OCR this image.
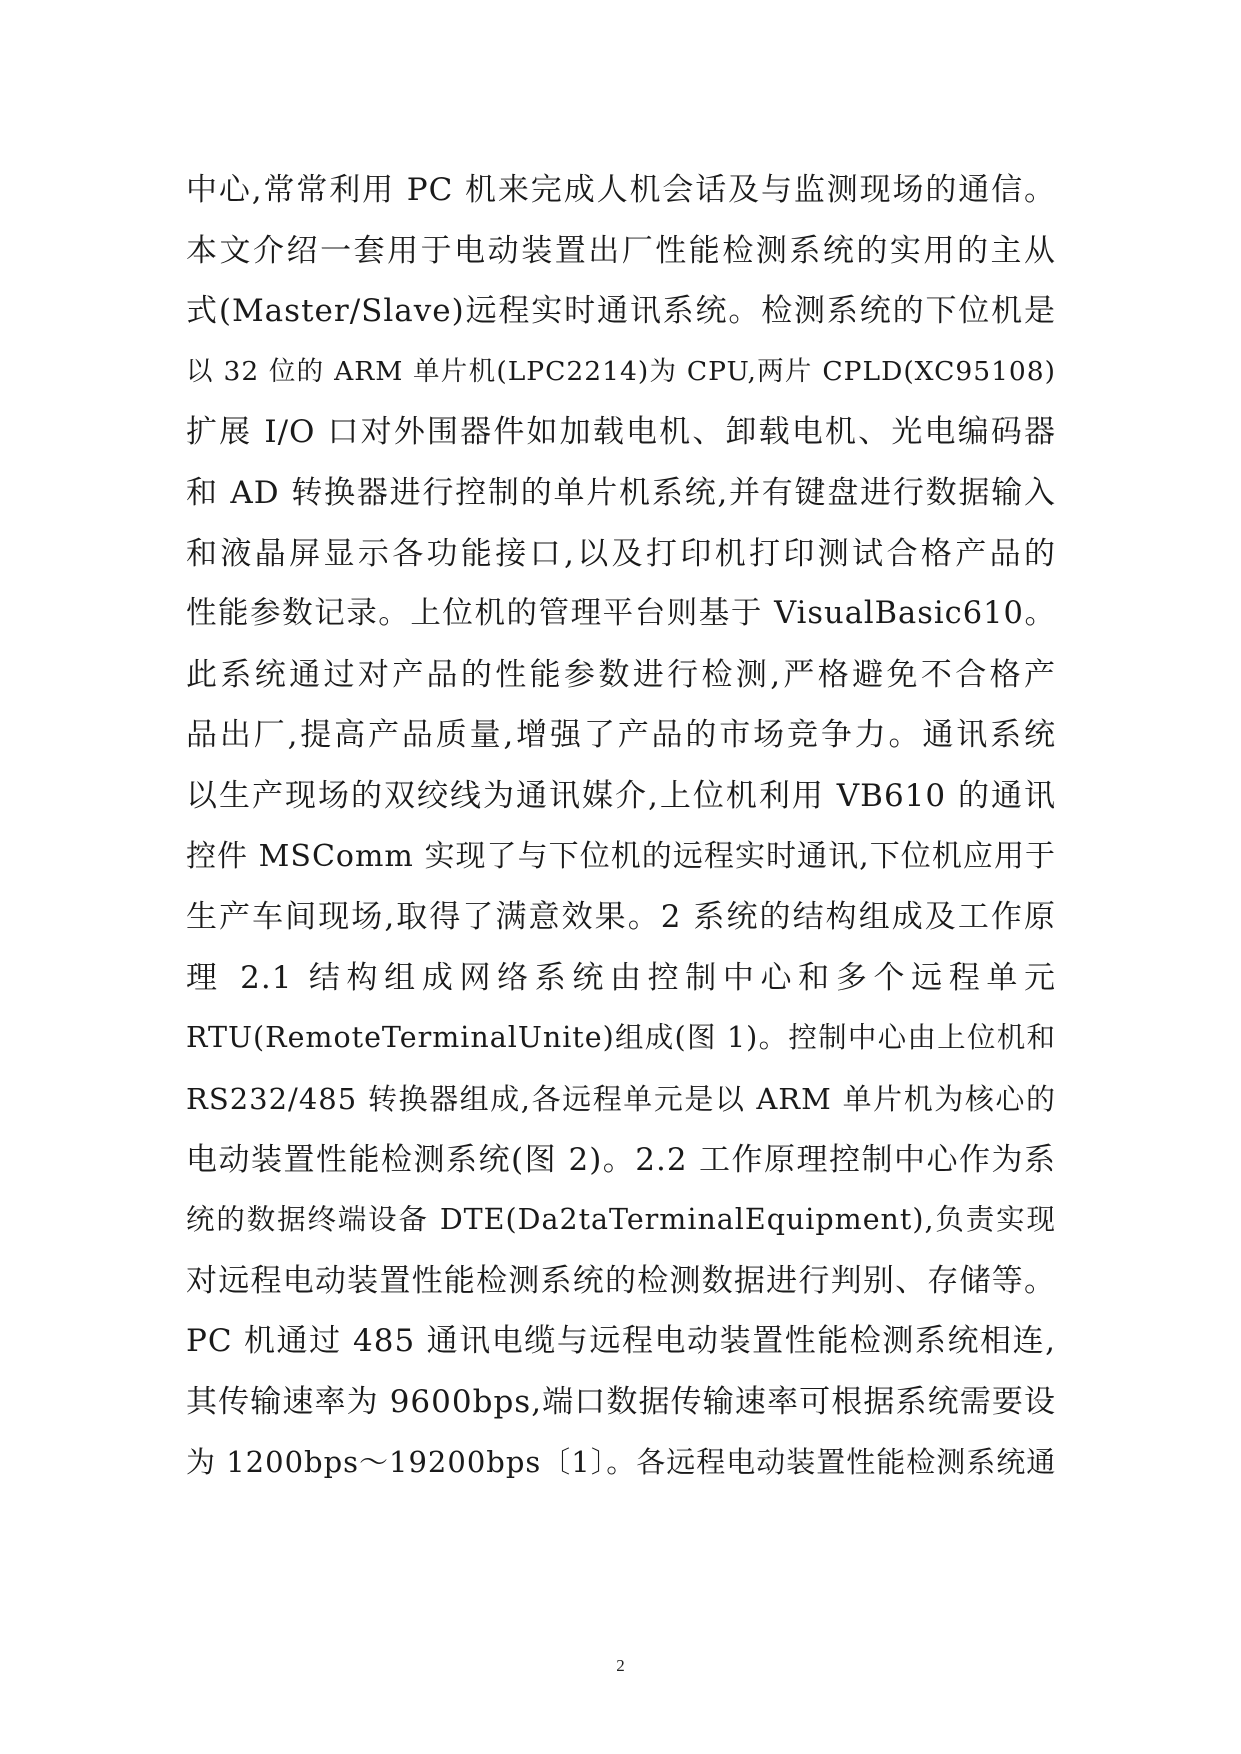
中心,常常利用 PC 机来完成人机会话及与监测现场的通信。
本文介绍一套用于电动装置出厂性能检测系统的实用的主从
式(Master/Slave)远程实时通讯系统。检测系统的下位机是
以 32 位的 ARM 单片机(LPC2214)为 CPU,两片 CPLD(XC95108)
扩展 I/O 口对外围器件如加载电机、卸载电机、光电编码器
和 AD 转换器进行控制的单片机系统,并有键盘进行数据输入
和液晶屏显示各功能接口,以及打印机打印测试合格产品的
性能参数记录。上位机的管理平台则基于 VisualBasic610。
此系统通过对产品的性能参数进行检测,严格避免不合格产
品出厂,提高产品质量,增强了产品的市场竞争力。通讯系统
以生产现场的双绞线为通讯媒介,上位机利用 VB610 的通讯
控件 MSComm 实现了与下位机的远程实时通讯,下位机应用于
生产车间现场,取得了满意效果。2 系统的结构组成及工作原
理 2.1 结构组成网络系统由控制中心和多个远程单元
RTU(RemoteTerminalUnite)组成(图 1)。控制中心由上位机和
RS232/485 转换器组成,各远程单元是以 ARM 单片机为核心的
电动装置性能检测系统(图 2)。2.2 工作原理控制中心作为系
统的数据终端设备 DTE(Da2taTerminalEquipment),负责实现
对远程电动装置性能检测系统的检测数据进行判别、存储等。
PC 机通过 485 通讯电缆与远程电动装置性能检测系统相连,
其传输速率为 9600bps,端口数据传输速率可根据系统需要设
为 1200bps～19200bps〔1〕。各远程电动装置性能检测系统通
2
